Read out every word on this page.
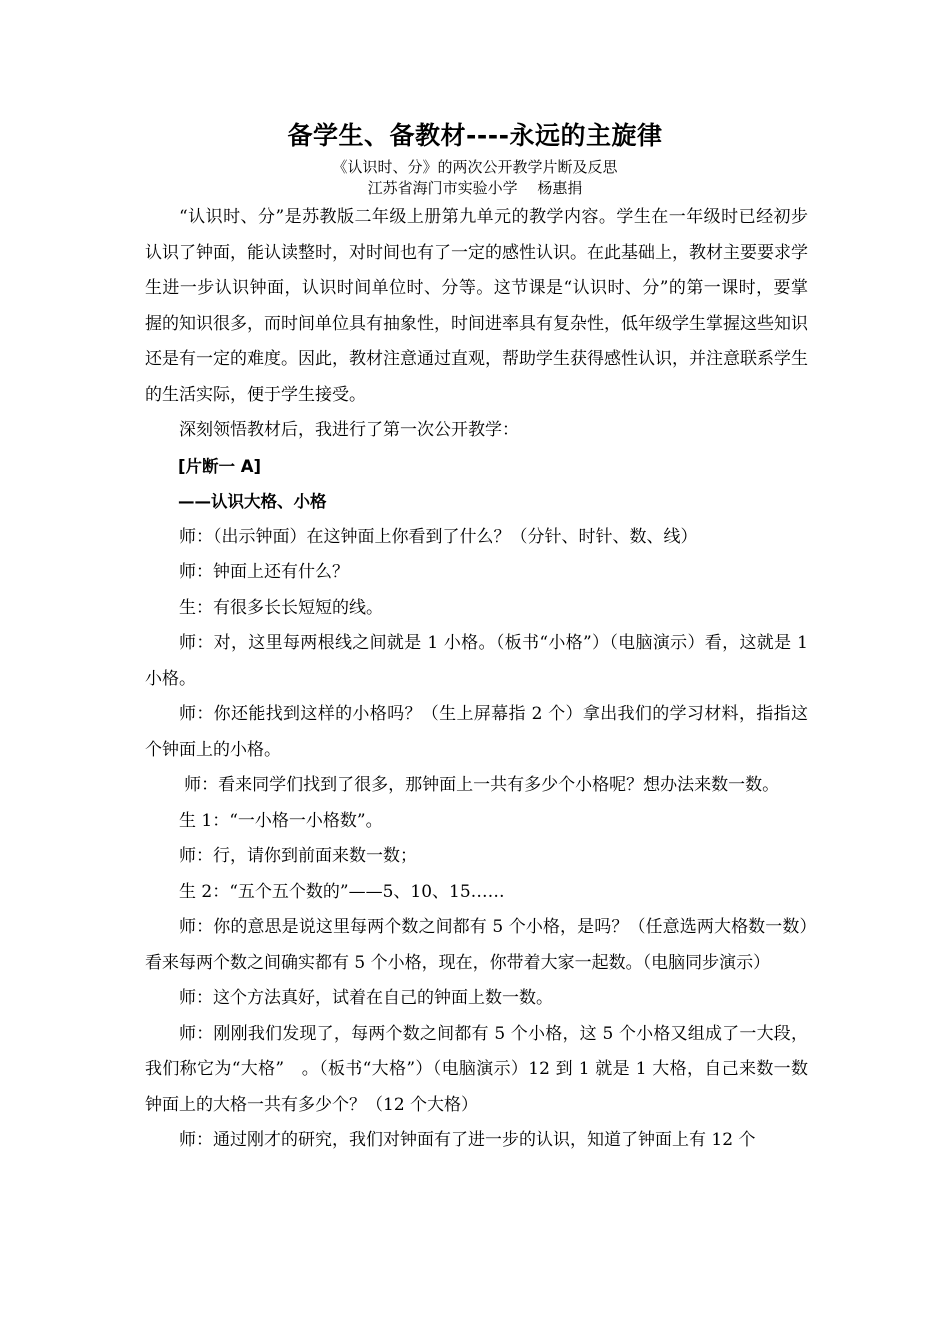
备学生、备教材----永远的主旋律
《认识时、分》的两次公开教学片断及反思
江苏省海门市实验小学　 杨惠捐

“认识时、分”是苏教版二年级上册第九单元的教学内容。学生在一年级时已经初步认识了钟面，能认读整时，对时间也有了一定的感性认识。在此基础上，教材主要要求学生进一步认识钟面，认识时间单位时、分等。这节课是“认识时、分”的第一课时，要掌握的知识很多，而时间单位具有抽象性，时间进率具有复杂性，低年级学生掌握这些知识还是有一定的难度。因此，教材注意通过直观，帮助学生获得感性认识，并注意联系学生的生活实际，便于学生接受。

深刻领悟教材后，我进行了第一次公开教学：

[片断一 A]

——认识大格、小格

师：（出示钟面）在这钟面上你看到了什么？（分针、时针、数、线）

师：钟面上还有什么？

生：有很多长长短短的线。

师：对，这里每两根线之间就是 1 小格。（板书“小格”）（电脑演示）看，这就是 1 小格。

师：你还能找到这样的小格吗？（生上屏幕指 2 个）拿出我们的学习材料，指指这个钟面上的小格。

师：看来同学们找到了很多，那钟面上一共有多少个小格呢？想办法来数一数。

生 1：“一小格一小格数”。

师：行，请你到前面来数一数；

生 2：“五个五个数的”——5、10、15……

师：你的意思是说这里每两个数之间都有 5 个小格，是吗？（任意选两大格数一数）看来每两个数之间确实都有 5 个小格，现在，你带着大家一起数。（电脑同步演示）

师：这个方法真好，试着在自己的钟面上数一数。

师：刚刚我们发现了，每两个数之间都有 5 个小格，这 5 个小格又组成了一大段，我们称它为“大格”　。（板书“大格”）（电脑演示）12 到 1 就是 1 大格，自己来数一数钟面上的大格一共有多少个？（12 个大格）

师：通过刚才的研究，我们对钟面有了进一步的认识，知道了钟面上有 12 个
